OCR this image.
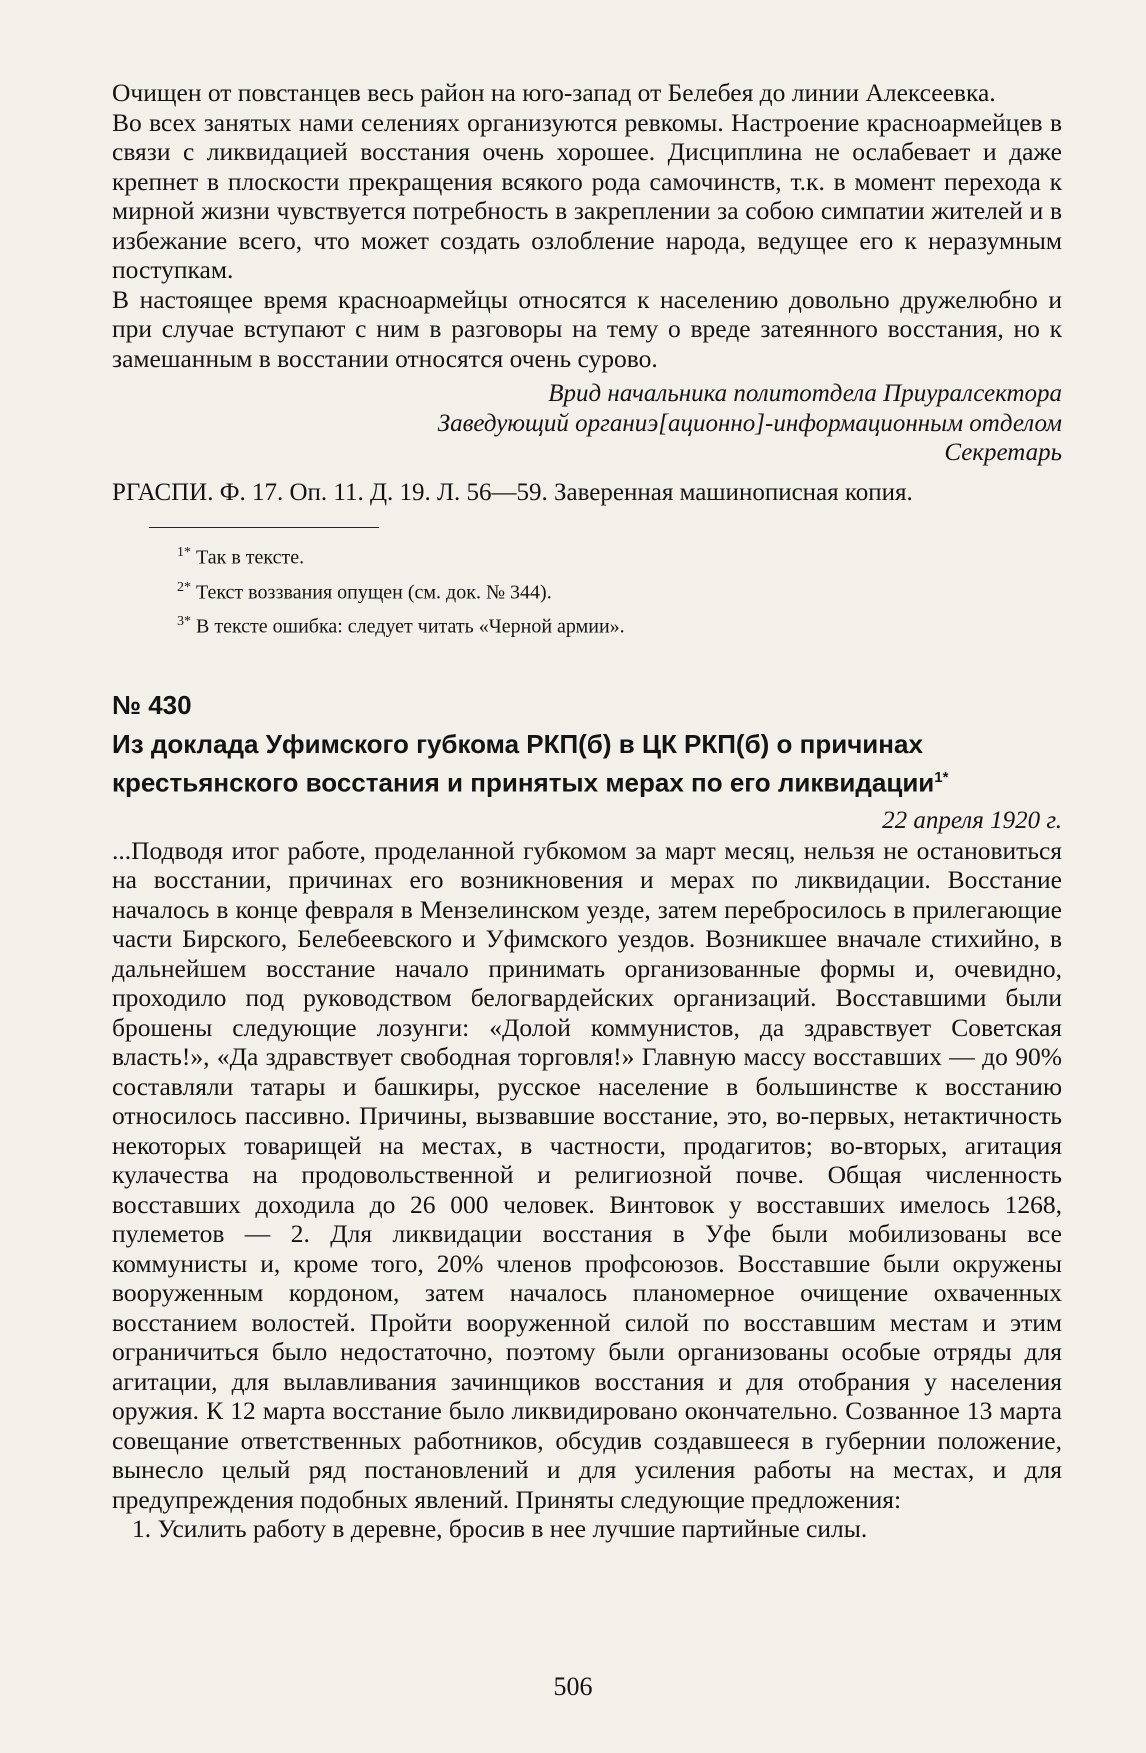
Очищен от повстанцев весь район на юго-запад от Белебея до линии Алексеевка.

Во всех занятых нами селениях организуются ревкомы. Настроение красноармейцев в связи с ликвидацией восстания очень хорошее. Дисциплина не ослабевает и даже крепнет в плоскости прекращения всякого рода самочинств, т.к. в момент перехода к мирной жизни чувствуется потребность в закреплении за собою симпатии жителей и в избежание всего, что может создать озлобление народа, ведущее его к неразумным поступкам.

В настоящее время красноармейцы относятся к населению довольно дружелюбно и при случае вступают с ним в разговоры на тему о вреде затеянного восстания, но к замешанным в восстании относятся очень сурово.

Врид начальника политотдела Приуралсектора
Заведующий органиэ[ационно]-информационным отделом
Секретарь

РГАСПИ. Ф. 17. Оп. 11. Д. 19. Л. 56—59. Заверенная машинописная копия.

$^{1*}$ Так в тексте.
$^{2*}$ Текст воззвания опущен (см. док. № 344).
$^{3*}$ В тексте ошибка: следует читать «Черной армии».
№ 430
Из доклада Уфимского губкома РКП(б) в ЦК РКП(б) о причинах крестьянского восстания и принятых мерах по его ликвидации$^{1*}$
22 апреля 1920 г.

...Подводя итог работе, проделанной губкомом за март месяц, нельзя не остановиться на восстании, причинах его возникновения и мерах по ликвидации. Восстание началось в конце февраля в Мензелинском уезде, затем перебросилось в прилегающие части Бирского, Белебеевского и Уфимского уездов. Возникшее вначале стихийно, в дальнейшем восстание начало принимать организованные формы и, очевидно, проходило под руководством белогвардейских организаций. Восставшими были брошены следующие лозунги: «Долой коммунистов, да здравствует Советская власть!», «Да здравствует свободная торговля!» Главную массу восставших — до 90% составляли татары и башкиры, русское население в большинстве к восстанию относилось пассивно. Причины, вызвавшие восстание, это, во-первых, нетактичность некоторых товарищей на местах, в частности, продагитов; во-вторых, агитация кулачества на продовольственной и религиозной почве. Общая численность восставших доходила до 26 000 человек. Винтовок у восставших имелось 1268, пулеметов — 2. Для ликвидации восстания в Уфе были мобилизованы все коммунисты и, кроме того, 20% членов профсоюзов. Восставшие были окружены вооруженным кордоном, затем началось планомерное очищение охваченных восстанием волостей. Пройти вооруженной силой по восставшим местам и этим ограничиться было недостаточно, поэтому были организованы особые отряды для агитации, для вылавливания зачинщиков восстания и для отобрания у населения оружия. К 12 марта восстание было ликвидировано окончательно. Созванное 13 марта совещание ответственных работников, обсудив создавшееся в губернии положение, вынесло целый ряд постановлений и для усиления работы на местах, и для предупреждения подобных явлений. Приняты следующие предложения:

1. Усилить работу в деревне, бросив в нее лучшие партийные силы.

506
